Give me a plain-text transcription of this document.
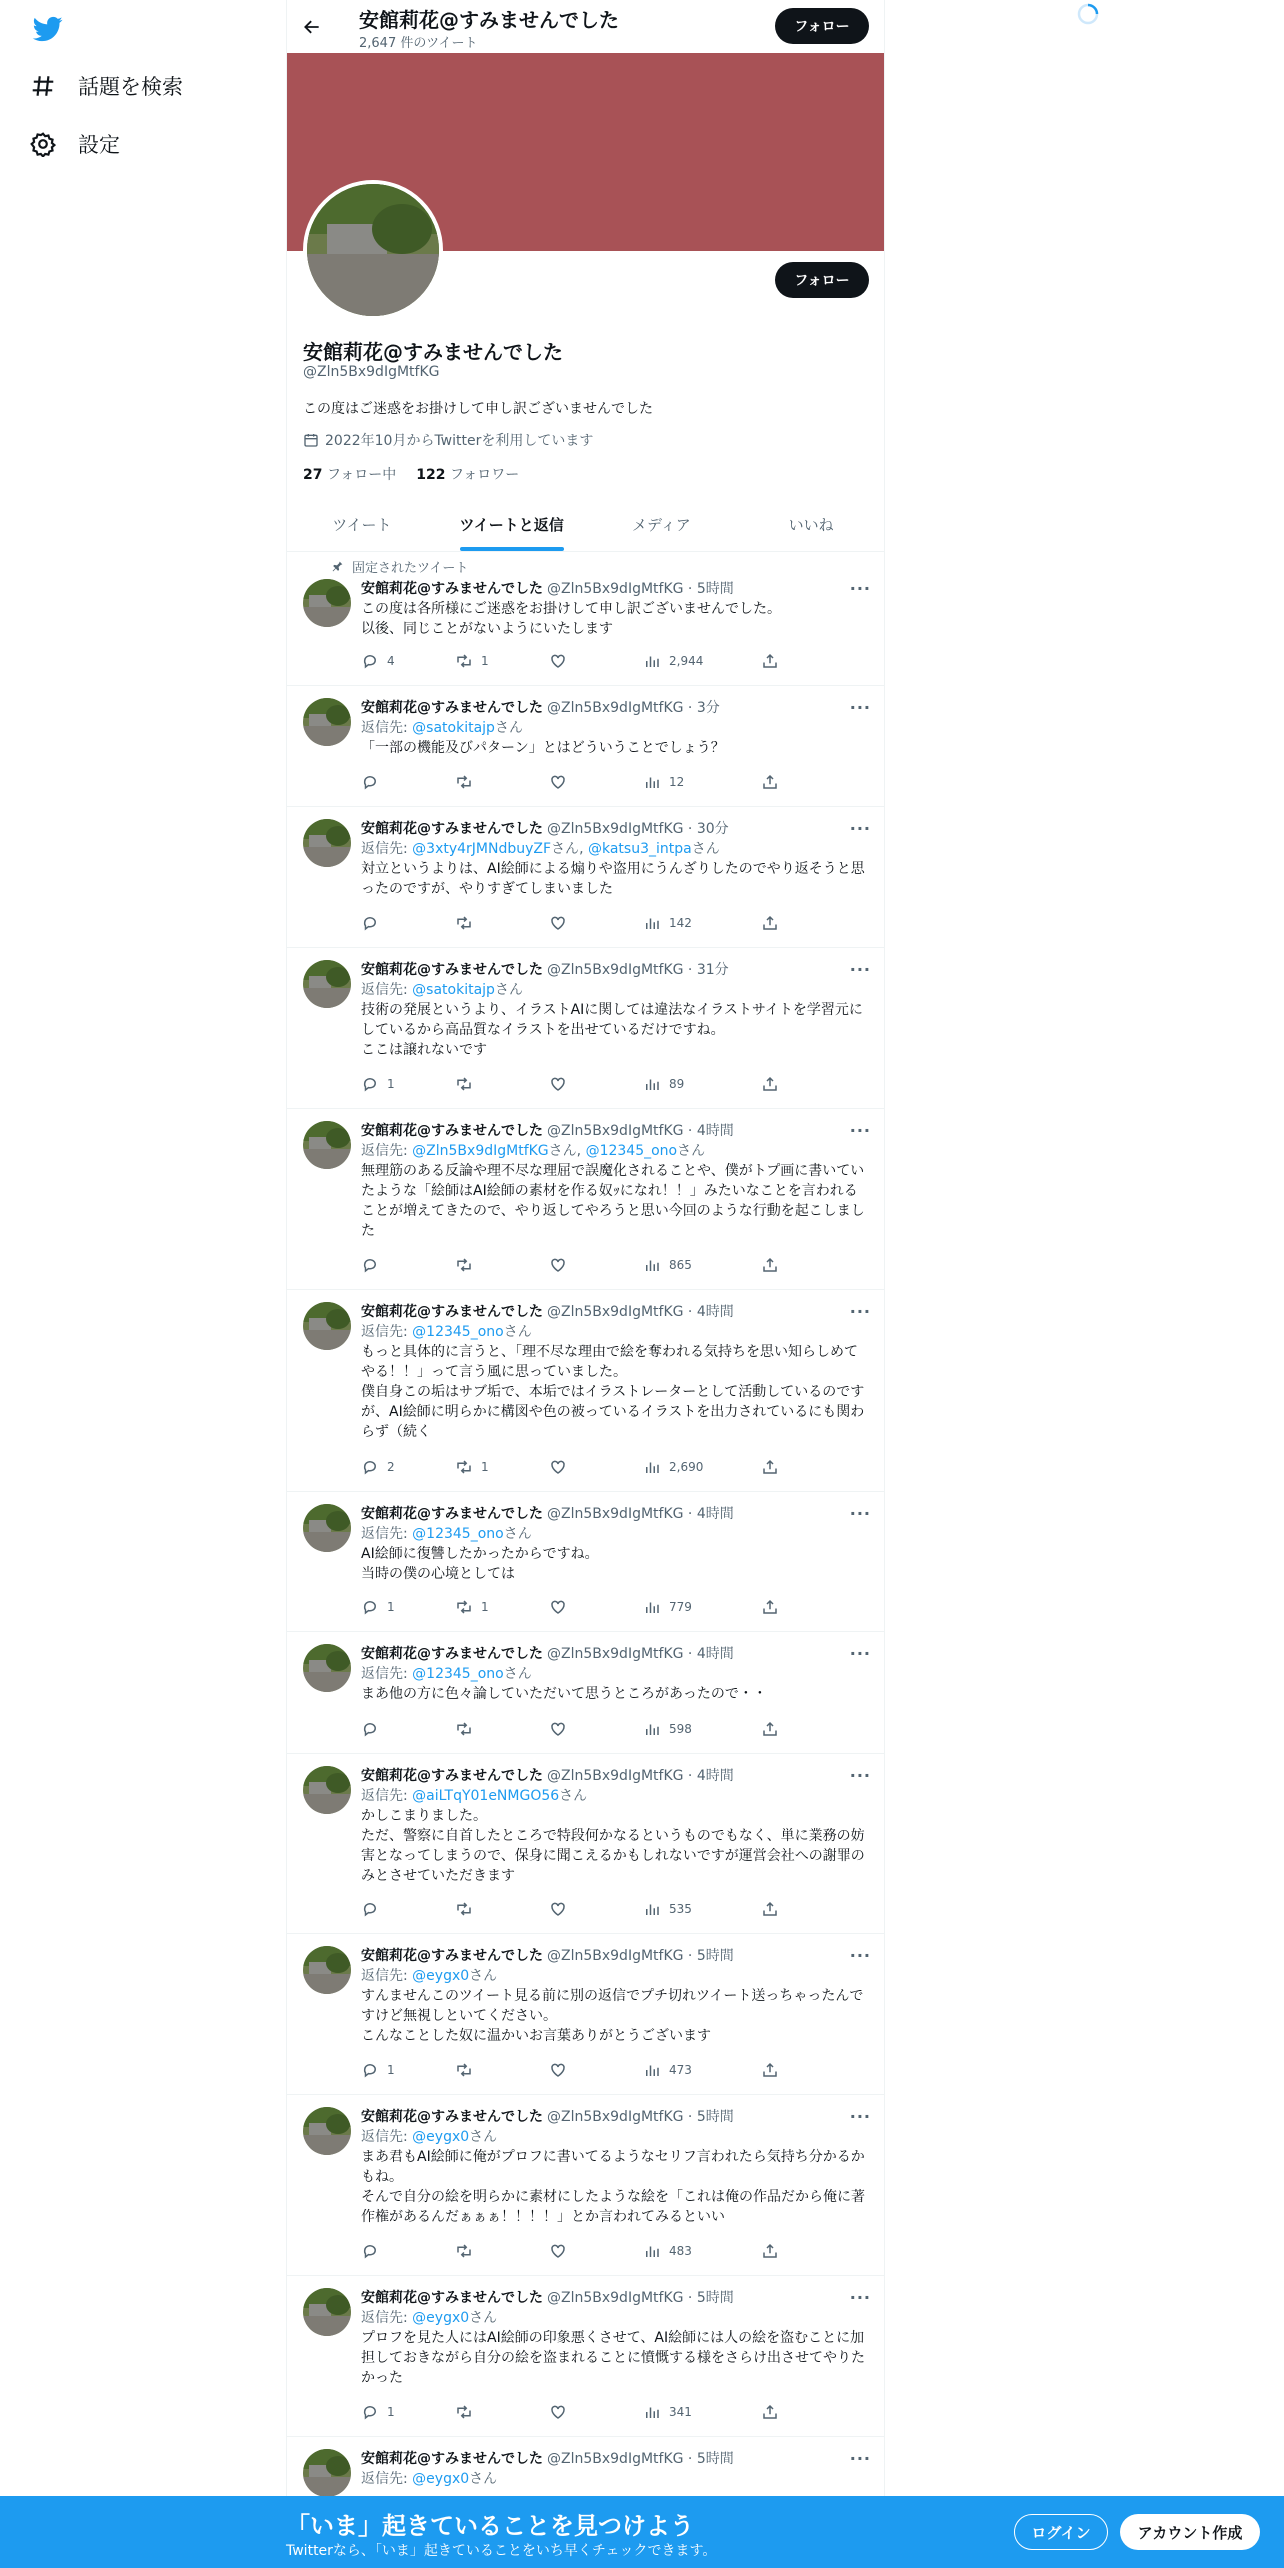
話題を検索
設定
安館莉花@すみませんでした
2,647 件のツイート
フォロー
フォロー
安館莉花@すみませんでした
@Zln5Bx9dIgMtfKG
この度はご迷惑をお掛けして申し訳ございませんでした
2022年10月からTwitterを利用しています
27 フォロー中 122 フォロワー
ツイート	ツイートと返信	メディア	いいね
固定されたツイート
安館莉花@すみませんでした @Zln5Bx9dIgMtfKG · 5時間	···
この度は各所様にご迷惑をお掛けして申し訳ございませんでした。
以後、同じことがないようにいたします
4	1	2,944
安館莉花@すみませんでした @Zln5Bx9dIgMtfKG · 3分	···
返信先: @satokitajpさん
「一部の機能及びパターン」とはどういうことでしょう？
12
安館莉花@すみませんでした @Zln5Bx9dIgMtfKG · 30分	···
返信先: @3xty4rJMNdbuyZFさん, @katsu3_intpaさん
対立というよりは、AI絵師による煽りや盗用にうんざりしたのでやり返そうと思ったのですが、やりすぎてしまいました
142
安館莉花@すみませんでした @Zln5Bx9dIgMtfKG · 31分	···
返信先: @satokitajpさん
技術の発展というより、イラストAIに関しては違法なイラストサイトを学習元にしているから高品質なイラストを出せているだけですね。
ここは譲れないです
1	89
安館莉花@すみませんでした @Zln5Bx9dIgMtfKG · 4時間	···
返信先: @Zln5Bx9dIgMtfKGさん, @12345_onoさん
無理筋のある反論や理不尽な理屈で誤魔化されることや、僕がトプ画に書いていたような「絵師はAI絵師の素材を作る奴ｯになれ！！」みたいなことを言われることが増えてきたので、やり返してやろうと思い今回のような行動を起こしました
865
安館莉花@すみませんでした @Zln5Bx9dIgMtfKG · 4時間	···
返信先: @12345_onoさん
もっと具体的に言うと、「理不尽な理由で絵を奪われる気持ちを思い知らしめてやる！！」って言う風に思っていました。
僕自身この垢はサブ垢で、本垢ではイラストレーターとして活動しているのですが、AI絵師に明らかに構図や色の被っているイラストを出力されているにも関わらず（続く
2	1	2,690
安館莉花@すみませんでした @Zln5Bx9dIgMtfKG · 4時間	···
返信先: @12345_onoさん
AI絵師に復讐したかったからですね。
当時の僕の心境としては
1	1	779
安館莉花@すみませんでした @Zln5Bx9dIgMtfKG · 4時間	···
返信先: @12345_onoさん
まあ他の方に色々論していただいて思うところがあったので・・
598
安館莉花@すみませんでした @Zln5Bx9dIgMtfKG · 4時間	···
返信先: @aiLTqY01eNMGO56さん
かしこまりました。
ただ、警察に自首したところで特段何かなるというものでもなく、単に業務の妨害となってしまうので、保身に聞こえるかもしれないですが運営会社への謝罪のみとさせていただきます
535
安館莉花@すみませんでした @Zln5Bx9dIgMtfKG · 5時間	···
返信先: @eygx0さん
すんませんこのツイート見る前に別の返信でプチ切れツイート送っちゃったんですけど無視しといてください。
こんなことした奴に温かいお言葉ありがとうございます
1	473
安館莉花@すみませんでした @Zln5Bx9dIgMtfKG · 5時間	···
返信先: @eygx0さん
まあ君もAI絵師に俺がプロフに書いてるようなセリフ言われたら気持ち分かるかもね。
そんで自分の絵を明らかに素材にしたような絵を「これは俺の作品だから俺に著作権があるんだぁぁぁ！！！！」とか言われてみるといい
483
安館莉花@すみませんでした @Zln5Bx9dIgMtfKG · 5時間	···
返信先: @eygx0さん
プロフを見た人にはAI絵師の印象悪くさせて、AI絵師には人の絵を盗むことに加担しておきながら自分の絵を盗まれることに憤慨する様をさらけ出させてやりたかった
1	341
安館莉花@すみませんでした @Zln5Bx9dIgMtfKG · 5時間	···
返信先: @eygx0さん
「いま」起きていることを見つけよう
Twitterなら、「いま」起きていることをいち早くチェックできます。
ログイン	アカウント作成
